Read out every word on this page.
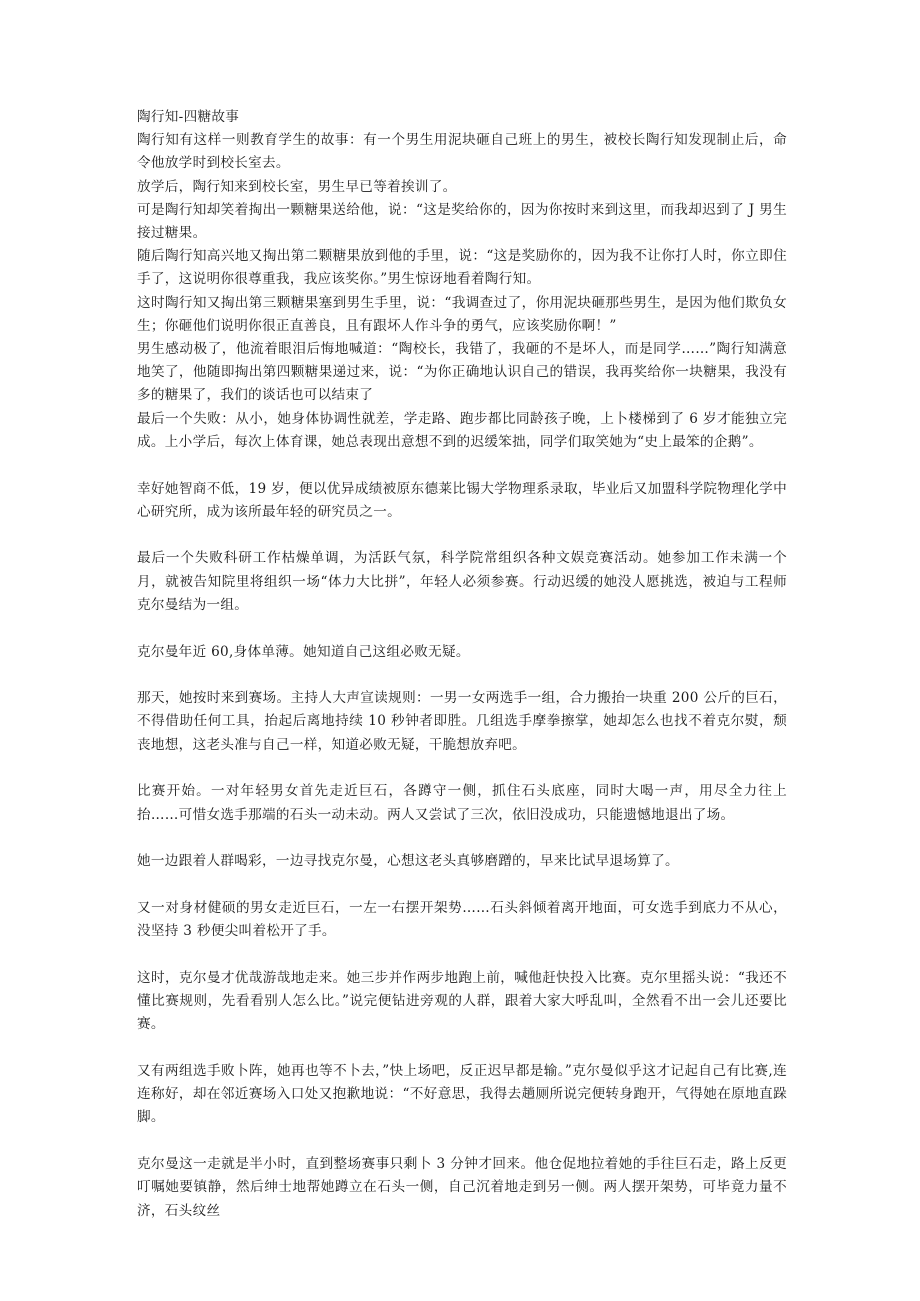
陶行知-四糖故事

陶行知有这样一则教育学生的故事：有一个男生用泥块砸自己班上的男生，被校长陶行知发现制止后，命令他放学时到校长室去。

放学后，陶行知来到校长室，男生早已等着挨训了。

可是陶行知却笑着掏出一颗糖果送给他，说：“这是奖给你的，因为你按时来到这里，而我却迟到了 J 男生接过糖果。

随后陶行知高兴地又掏出第二颗糖果放到他的手里，说：“这是奖励你的，因为我不让你打人时，你立即住手了，这说明你很尊重我，我应该奖你。”男生惊讶地看着陶行知。

这时陶行知又掏出第三颗糖果塞到男生手里，说：“我调查过了，你用泥块砸那些男生，是因为他们欺负女生；你砸他们说明你很正直善良，且有跟坏人作斗争的勇气，应该奖励你啊！”

男生感动极了，他流着眼泪后悔地喊道：“陶校长，我错了，我砸的不是坏人，而是同学……”陶行知满意地笑了，他随即掏出第四颗糖果递过来，说：“为你正确地认识自己的错误，我再奖给你一块糖果，我没有多的糖果了，我们的谈话也可以结束了

最后一个失败：从小，她身体协调性就差，学走路、跑步都比同龄孩子晚，上卜楼梯到了 6 岁才能独立完成。上小学后，每次上体育课，她总表现出意想不到的迟缓笨拙，同学们取笑她为“史上最笨的企鹅”。

幸好她智商不低，19 岁，便以优异成绩被原东德莱比锡大学物理系录取，毕业后又加盟科学院物理化学中心研究所，成为该所最年轻的研究员之一。

最后一个失败科研工作枯燥单调，为活跃气氛，科学院常组织各种文娱竞赛活动。她参加工作未满一个月，就被告知院里将组织一场“体力大比拼”，年轻人必须参赛。行动迟缓的她没人愿挑选，被迫与工程师克尔曼结为一组。

克尔曼年近 60,身体单薄。她知道自己这组必败无疑。

那天，她按时来到赛场。主持人大声宣读规则：一男一女两选手一组，合力搬抬一块重 200 公斤的巨石，不得借助任何工具，抬起后离地持续 10 秒钟者即胜。几组选手摩拳擦掌，她却怎么也找不着克尔熨，颓丧地想，这老头准与自己一样，知道必败无疑，干脆想放弃吧。

比赛开始。一对年轻男女首先走近巨石，各蹲守一侧，抓住石头底座，同时大喝一声，用尽全力往上抬……可惜女选手那端的石头一动未动。两人又尝试了三次，依旧没成功，只能遗憾地退出了场。

她一边跟着人群喝彩，一边寻找克尔曼，心想这老头真够磨蹭的，早来比试早退场算了。

又一对身材健硕的男女走近巨石，一左一右摆开架势……石头斜倾着离开地面，可女选手到底力不从心，没坚持 3 秒便尖叫着松开了手。

这时，克尔曼才优哉游哉地走来。她三步并作两步地跑上前，喊他赶快投入比赛。克尔里摇头说：“我还不懂比赛规则，先看看别人怎么比。”说完便钻进旁观的人群，跟着大家大呼乱叫，全然看不出一会儿还要比赛。

又有两组选手败卜阵，她再也等不卜去，”快上场吧，反正迟早都是输。”克尔曼似乎这才记起自己有比赛,连连称好，却在邻近赛场入口处又抱歉地说：“不好意思，我得去趟厕所说完便转身跑开，气得她在原地直跺脚。

克尔曼这一走就是半小时，直到整场赛事只剩卜 3 分钟才回来。他仓促地拉着她的手往巨石走，路上反更叮嘱她要镇静，然后绅士地帮她蹲立在石头一侧，自己沉着地走到另一侧。两人摆开架势，可毕竟力量不济，石头纹丝
